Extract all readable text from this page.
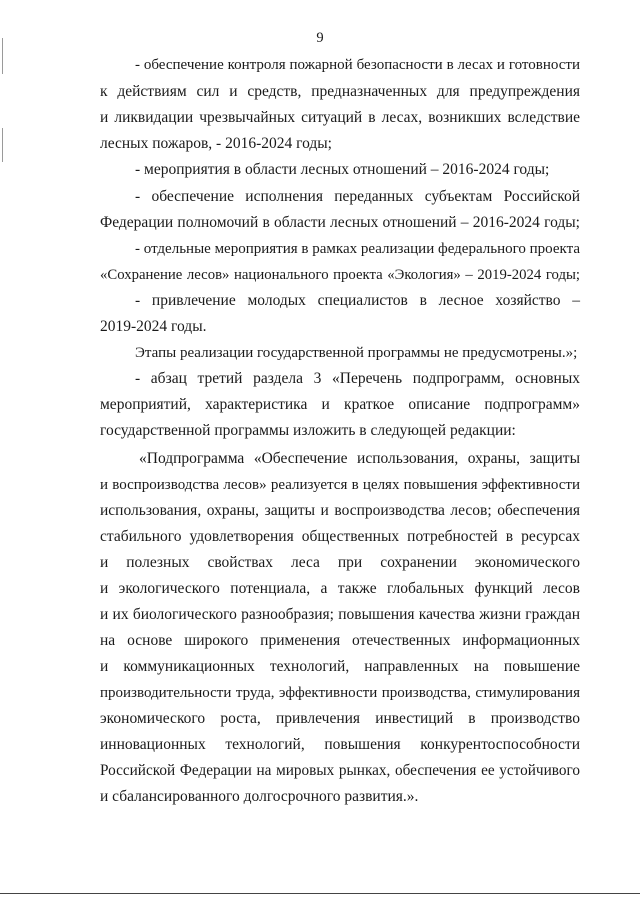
9
- обеспечение контроля пожарной безопасности в лесах и готовности
к действиям сил и средств, предназначенных для предупреждения
и ликвидации чрезвычайных ситуаций в лесах, возникших вследствие
лесных пожаров, - 2016-2024 годы;
- мероприятия в области лесных отношений – 2016-2024 годы;
- обеспечение исполнения переданных субъектам Российской
Федерации полномочий в области лесных отношений – 2016-2024 годы;
- отдельные мероприятия в рамках реализации федерального проекта
«Сохранение лесов» национального проекта «Экология» – 2019-2024 годы;
- привлечение молодых специалистов в лесное хозяйство –
2019-2024 годы.
Этапы реализации государственной программы не предусмотрены.»;
- абзац третий раздела 3 «Перечень подпрограмм, основных
мероприятий, характеристика и краткое описание подпрограмм»
государственной программы изложить в следующей редакции:
«Подпрограмма «Обеспечение использования, охраны, защиты
и воспроизводства лесов» реализуется в целях повышения эффективности
использования, охраны, защиты и воспроизводства лесов; обеспечения
стабильного удовлетворения общественных потребностей в ресурсах
и полезных свойствах леса при сохранении экономического
и экологического потенциала, а также глобальных функций лесов
и их биологического разнообразия; повышения качества жизни граждан
на основе широкого применения отечественных информационных
и коммуникационных технологий, направленных на повышение
производительности труда, эффективности производства, стимулирования
экономического роста, привлечения инвестиций в производство
инновационных технологий, повышения конкурентоспособности
Российской Федерации на мировых рынках, обеспечения ее устойчивого
и сбалансированного долгосрочного развития.».
